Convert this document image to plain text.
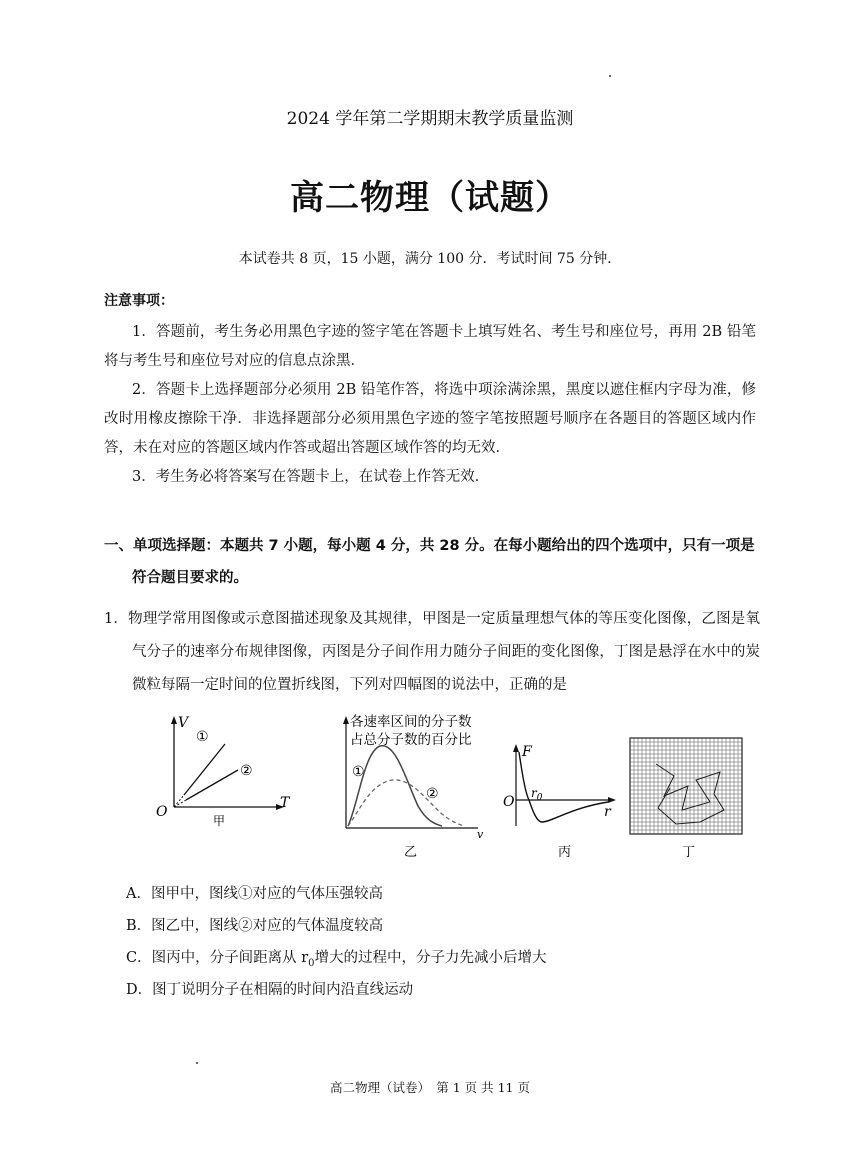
2024 学年第二学期期末教学质量监测
高二物理（试题）
本试卷共 8 页，15 小题，满分 100 分．考试时间 75 分钟．
注意事项：
1．答题前，考生务必用黑色字迹的签字笔在答题卡上填写姓名、考生号和座位号，再用 2B 铅笔将与考生号和座位号对应的信息点涂黑．
2．答题卡上选择题部分必须用 2B 铅笔作答，将选中项涂满涂黑，黑度以遮住框内字母为准，修改时用橡皮擦除干净．非选择题部分必须用黑色字迹的签字笔按照题号顺序在各题目的答题区域内作答，未在对应的答题区域内作答或超出答题区域作答的均无效．
3．考生务必将答案写在答题卡上，在试卷上作答无效．
一、单项选择题：本题共 7 小题，每小题 4 分，共 28 分。在每小题给出的四个选项中，只有一项是
符合题目要求的。
1．物理学常用图像或示意图描述现象及其规律，甲图是一定质量理想气体的等压变化图像，乙图是氧气分子的速率分布规律图像，丙图是分子间作用力随分子间距的变化图像，丁图是悬浮在水中的炭微粒每隔一定时间的位置折线图，下列对四幅图的说法中，正确的是
V
T
O
①
②
甲
各速率区间的分子数
占总分子数的百分比
①
②
v
乙
F
r
O
$r_0$
丙	丁
A．图甲中，图线①对应的气体压强较高
B．图乙中，图线②对应的气体温度较高
C．图丙中，分子间距离从 $r_0$增大的过程中，分子力先减小后增大
D．图丁说明分子在相隔的时间内沿直线运动
高二物理（试卷）　第 1 页 共 11 页
